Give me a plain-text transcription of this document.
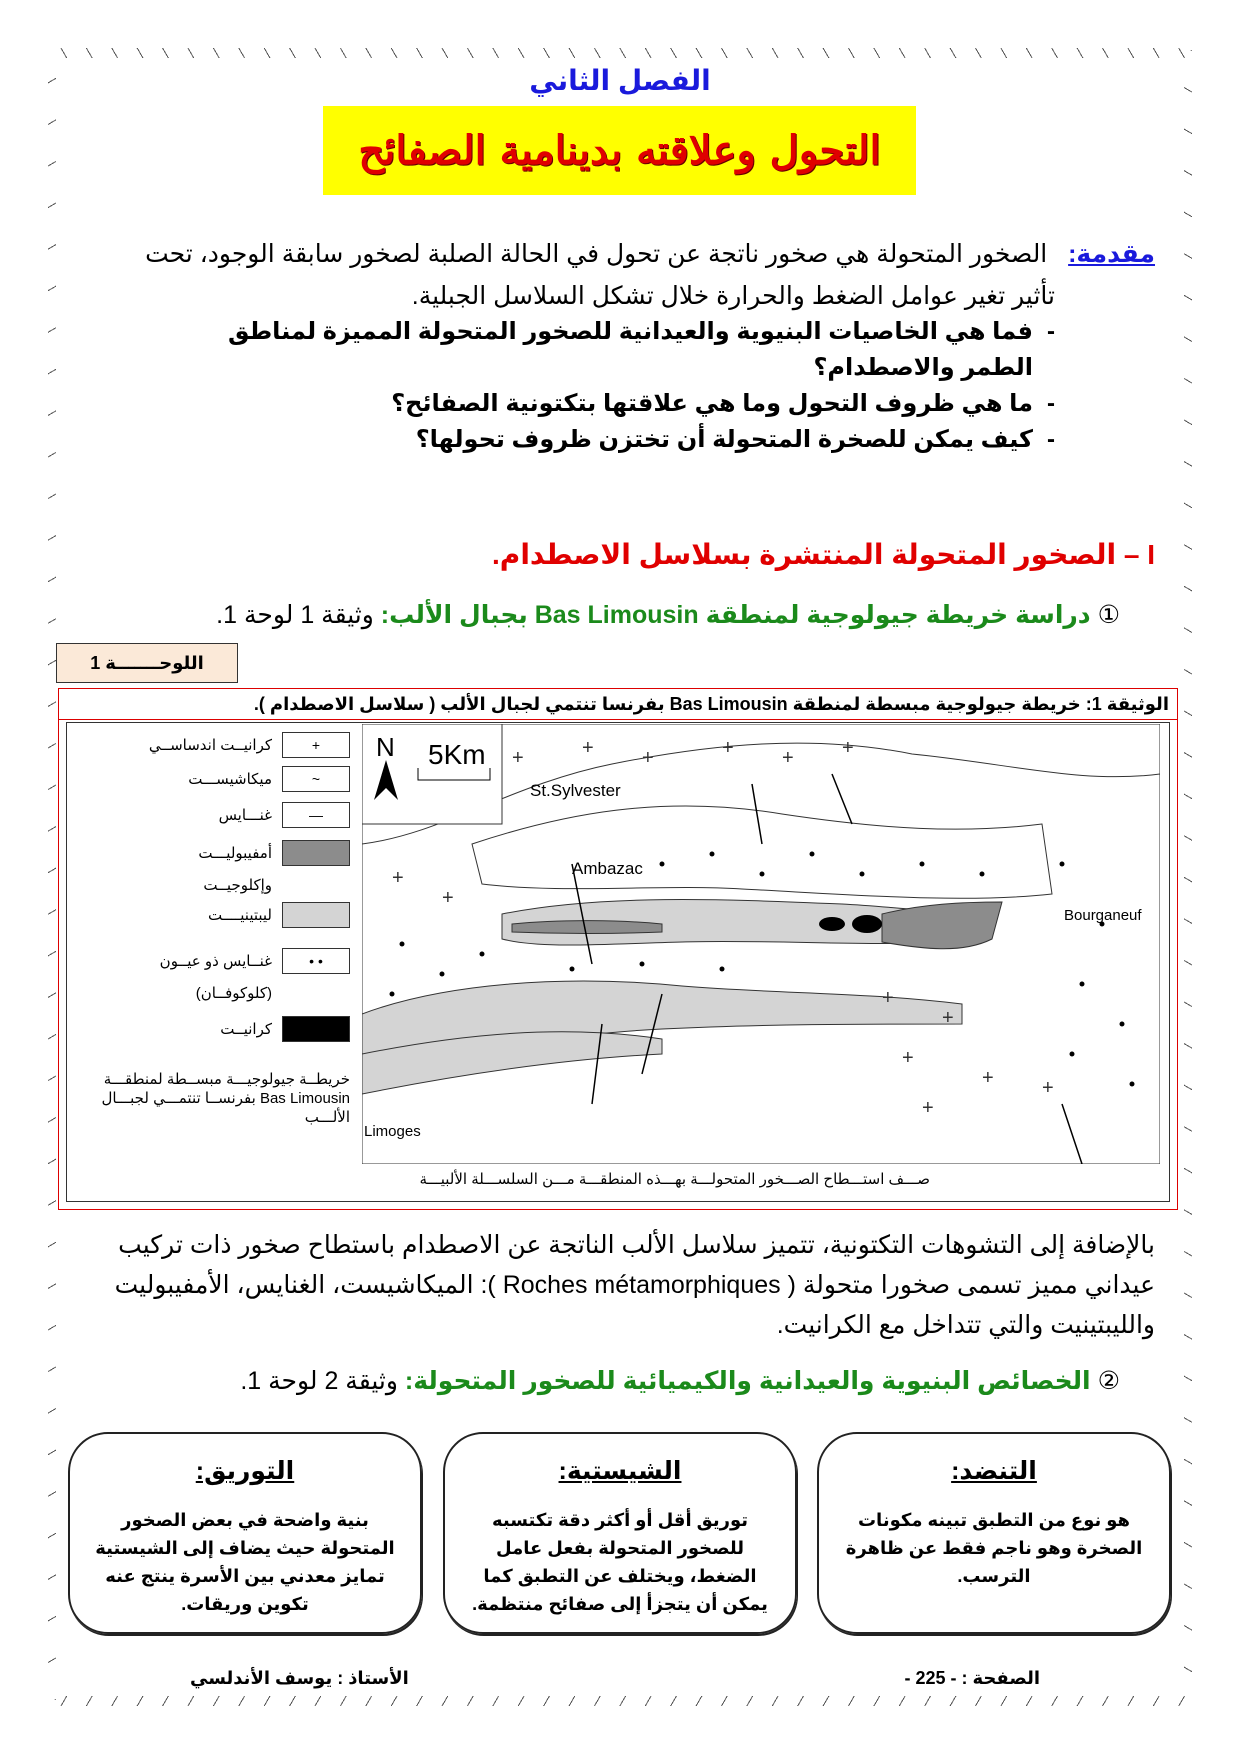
الفصل الثاني
التحول وعلاقته بدينامية الصفائح
مقدمة:   الصخور المتحولة هي صخور ناتجة عن تحول في الحالة الصلبة لصخور سابقة الوجود، تحت
تأثير تغير عوامل الضغط والحرارة خلال تشكل السلاسل الجبلية.
-
فما هي الخاصيات البنيوية والعيدانية للصخور المتحولة المميزة لمناطق الطمر والاصطدام؟
-
ما هي ظروف التحول وما هي علاقتها بتكتونية الصفائح؟
-
كيف يمكن للصخرة المتحولة أن تختزن ظروف تحولها؟
I – الصخور المتحولة المنتشرة بسلاسل الاصطدام.
① دراسة خريطة جيولوجية لمنطقة Bas Limousin بجبال الألب: وثيقة 1 لوحة 1.
اللوحـــــــة 1
الوثيقة 1: خريطة جيولوجية مبسطة لمنطقة Bas Limousin بفرنسا تنتمي لجبال الألب ( سلاسل الاصطدام ).
+
كرانيــت اندساســي
~
ميكاشيســـت
—
غنـــايس
أمفيبوليـــت
وإكلوجيــت
ليبتينيــــت
• •
غنــايس ذو عيــون
(كلوكوفــان)
كرانيــت
خريطــة جيولوجيـــة مبســطة لمنطقـــة Bas Limousin بفرنســا تنتمـــي لجبـــال الألـــب
+	+ +	+ + +
+
+
+
+
+
+
+
+
N 5Km
St.Sylvester
Ambazac
Bourganeuf
Limoges
صـــف استـــطاح الصـــخور المتحولـــة بهـــذه المنطقـــة مـــن السلســـلة الألبيـــة
بالإضافة إلى التشوهات التكتونية، تتميز سلاسل الألب الناتجة عن الاصطدام باستطاح صخور ذات تركيب عيداني مميز تسمى صخورا متحولة ( Roches métamorphiques ): الميكاشيست، الغنايس، الأمفيبوليت والليبتينيت والتي تتداخل مع الكرانيت.
② الخصائص البنيوية والعيدانية والكيميائية للصخور المتحولة: وثيقة 2 لوحة 1.
التنضد:

هو نوع من التطبق تبينه مكونات الصخرة وهو ناجم فقط عن ظاهرة الترسب.

الشيستية:

توريق أقل أو أكثر دقة تكتسبه للصخور المتحولة بفعل عامل الضغط، ويختلف عن التطبق كما يمكن أن يتجزأ إلى صفائح منتظمة.

التوريق:

بنية واضحة في بعض الصخور المتحولة حيث يضاف إلى الشيستية تمايز معدني بين الأسرة ينتج عنه تكوين وريقات.

الصفحة : - 225 -
الأستاذ : يوسف الأندلسي
